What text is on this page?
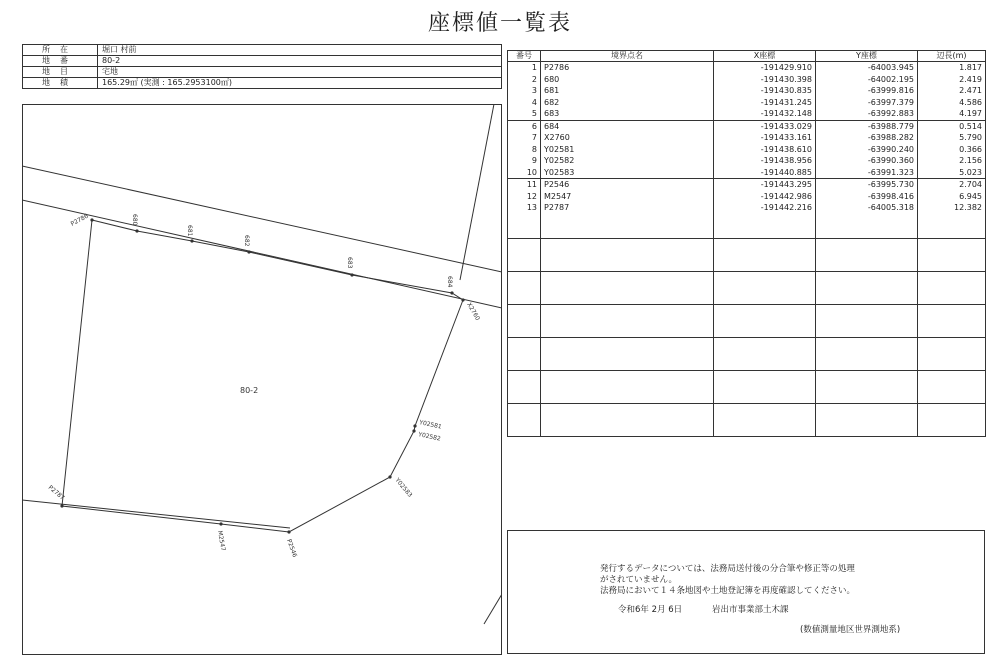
座標値一覧表
所在	堀口 村前
地番	80-2
地目	宅地
地積	165.29㎡ (実測 : 165.2953100㎡)
P2786	680
681
682
683
684
X2760
Y02581
Y02582
Y02583
P2546
M2547
P2787
80-2
番号	境界点名	X座標	Y座標	辺長(m)
1	P2786	-191429.910	-64003.945	1.817
2	680	-191430.398	-64002.195	2.419
3	681	-191430.835	-63999.816	2.471
4	682	-191431.245	-63997.379	4.586
5	683	-191432.148	-63992.883	4.197
6	684	-191433.029	-63988.779	0.514
7	X2760	-191433.161	-63988.282	5.790
8	Y02581	-191438.610	-63990.240	0.366
9	Y02582	-191438.956	-63990.360	2.156
10	Y02583	-191440.885	-63991.323	5.023
11	P2546	-191443.295	-63995.730	2.704
12	M2547	-191442.986	-63998.416	6.945
13	P2787	-191442.216	-64005.318	12.382

発行するデータについては、法務局送付後の分合筆や修正等の処理
がされていません。
法務局において１４条地図や土地登記簿を再度確認してください。
令和6年 2月 6日	岩出市事業部土木課
(数値測量地区世界測地系)
